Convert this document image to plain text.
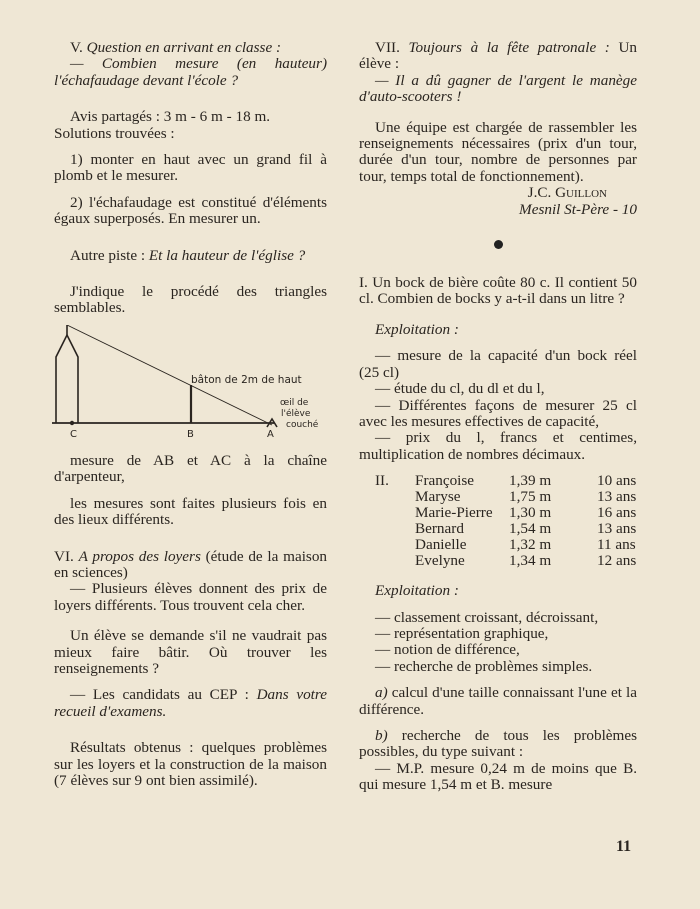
V. Question en arrivant en classe :

— Combien mesure (en hauteur) l'échafaudage devant l'école ?

Avis partagés : 3 m - 6 m - 18 m.

Solutions trouvées :

1) monter en haut avec un grand fil à plomb et le mesurer.

2) l'échafaudage est constitué d'éléments égaux superposés. En mesurer un.

Autre piste : Et la hauteur de l'église ?

J'indique le procédé des triangles semblables.

bâton de 2m de haut
œil de
l'élève
couché
C	B	A

mesure de AB et AC à la chaîne d'arpenteur,

les mesures sont faites plusieurs fois en des lieux différents.

VI. A propos des loyers (étude de la maison en sciences)

— Plusieurs élèves donnent des prix de loyers différents. Tous trouvent cela cher.

Un élève se demande s'il ne vaudrait pas mieux faire bâtir. Où trouver les renseignements ?

— Les candidats au CEP : Dans votre recueil d'examens.

Résultats obtenus : quelques problèmes sur les loyers et la construction de la maison (7 élèves sur 9 ont bien assimilé).

VII. Toujours à la fête patronale : Un élève :

— Il a dû gagner de l'argent le manège d'auto-scooters !

Une équipe est chargée de rassembler les renseignements nécessaires (prix d'un tour, durée d'un tour, nombre de personnes par tour, temps total de fonctionnement).

J.C. Guillon

Mesnil St-Père - 10

I. Un bock de bière coûte 80 c. Il contient 50 cl. Combien de bocks y a-t-il dans un litre ?

Exploitation :

— mesure de la capacité d'un bock réel (25 cl)

— étude du cl, du dl et du l,

— Différentes façons de mesurer 25 cl avec les mesures effectives de capacité,

— prix du l, francs et centimes, multiplication de nombres décimaux.

II.	Françoise	1,39 m	10 ans
Maryse	1,75 m	13 ans
Marie-Pierre	1,30 m	16 ans
Bernard	1,54 m	13 ans
Danielle	1,32 m	11 ans
Evelyne	1,34 m	12 ans

Exploitation :

— classement croissant, décroissant,

— représentation graphique,

— notion de différence,

— recherche de problèmes simples.

a) calcul d'une taille connaissant l'une et la différence.

b) recherche de tous les problèmes possibles, du type suivant :

— M.P. mesure 0,24 m de moins que B. qui mesure 1,54 m et B. mesure

11
